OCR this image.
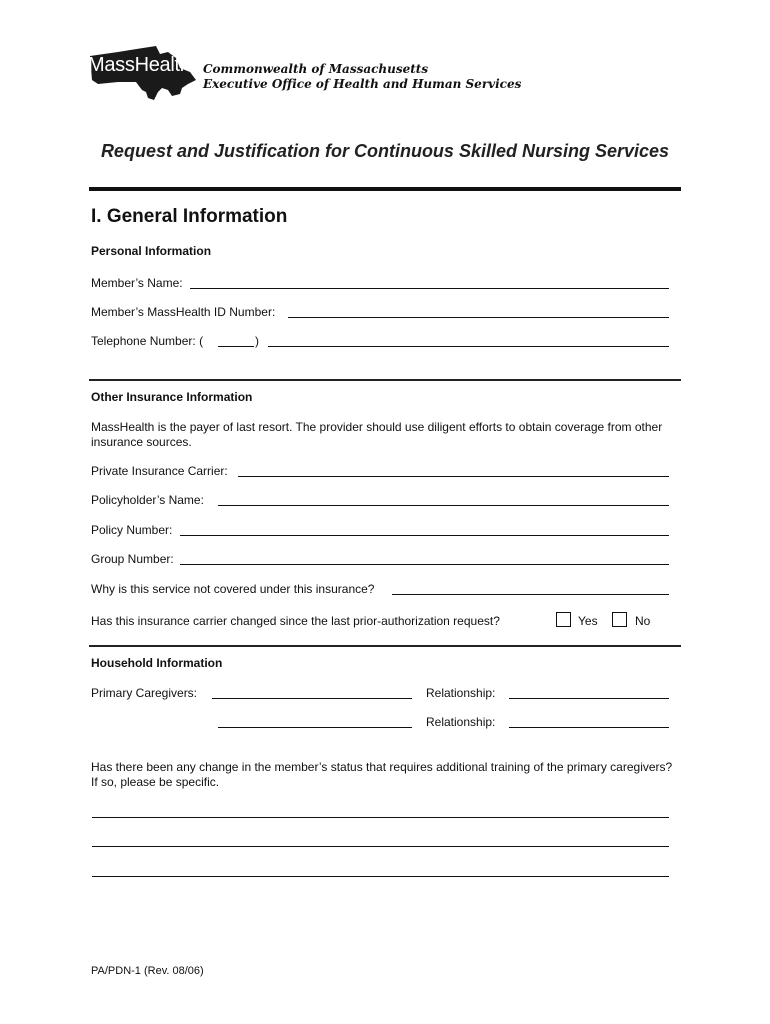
MassHealth Commonwealth of Massachusetts
Executive Office of Health and Human Services
Request and Justification for Continuous Skilled Nursing Services
I. General Information
Personal Information
Member’s Name:
Member’s MassHealth ID Number:
Telephone Number: (	)
Other Insurance Information
MassHealth is the payer of last resort. The provider should use diligent efforts to obtain coverage from other insurance sources.
Private Insurance Carrier:
Policyholder’s Name:
Policy Number:
Group Number:
Why is this service not covered under this insurance?
Has this insurance carrier changed since the last prior-authorization request?	Yes	No
Household Information
Primary Caregivers:	Relationship:
Relationship:
Has there been any change in the member’s status that requires additional training of the primary caregivers? If so, please be specific.
PA/PDN-1 (Rev. 08/06)
